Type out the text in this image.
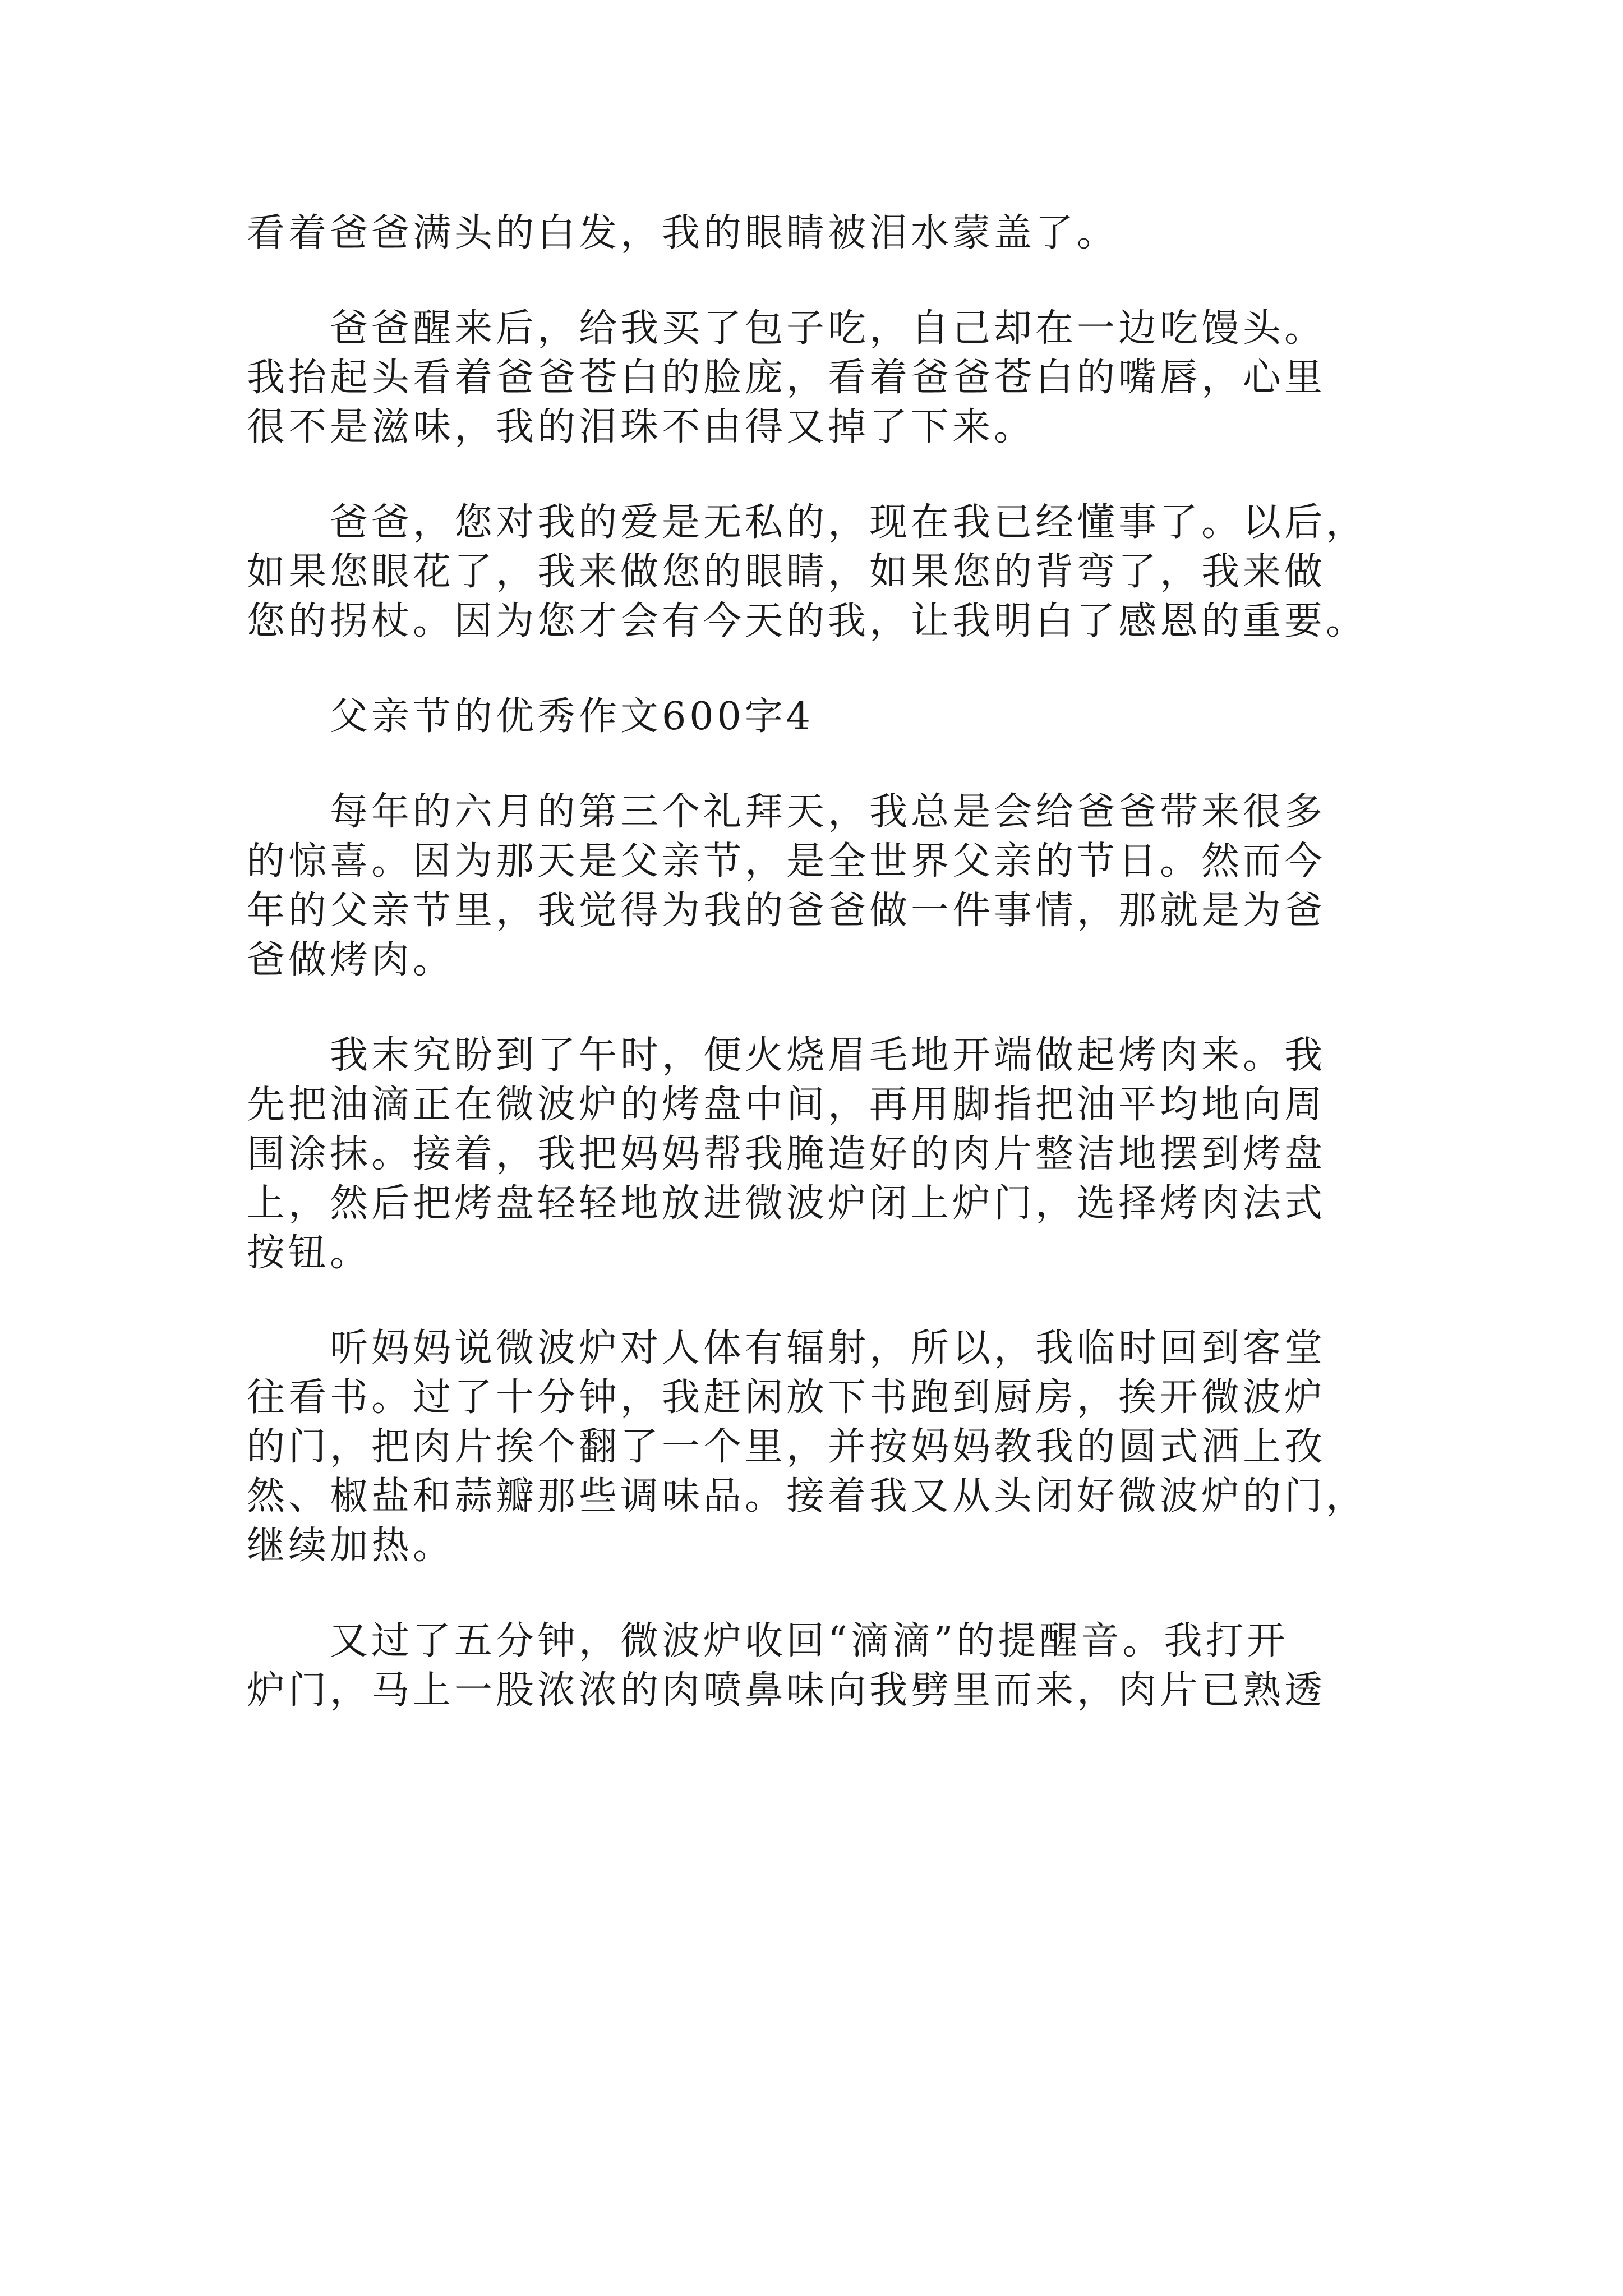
看着爸爸满头的白发，我的眼睛被泪水蒙盖了。
爸爸醒来后，给我买了包子吃，自己却在一边吃馒头。
我抬起头看着爸爸苍白的脸庞，看着爸爸苍白的嘴唇，心里
很不是滋味，我的泪珠不由得又掉了下来。
爸爸，您对我的爱是无私的，现在我已经懂事了。以后，
如果您眼花了，我来做您的眼睛，如果您的背弯了，我来做
您的拐杖。因为您才会有今天的我，让我明白了感恩的重要。
父亲节的优秀作文600字4
每年的六月的第三个礼拜天，我总是会给爸爸带来很多
的惊喜。因为那天是父亲节，是全世界父亲的节日。然而今
年的父亲节里，我觉得为我的爸爸做一件事情，那就是为爸
爸做烤肉。
我末究盼到了午时，便火烧眉毛地开端做起烤肉来。我
先把油滴正在微波炉的烤盘中间，再用脚指把油平均地向周
围涂抹。接着，我把妈妈帮我腌造好的肉片整洁地摆到烤盘
上，然后把烤盘轻轻地放进微波炉闭上炉门，选择烤肉法式
按钮。
听妈妈说微波炉对人体有辐射，所以，我临时回到客堂
往看书。过了十分钟，我赶闲放下书跑到厨房，挨开微波炉
的门，把肉片挨个翻了一个里，并按妈妈教我的圆式洒上孜
然、椒盐和蒜瓣那些调味品。接着我又从头闭好微波炉的门，
继续加热。
又过了五分钟，微波炉收回“滴滴”的提醒音。我打开
炉门，马上一股浓浓的肉喷鼻味向我劈里而来，肉片已熟透
